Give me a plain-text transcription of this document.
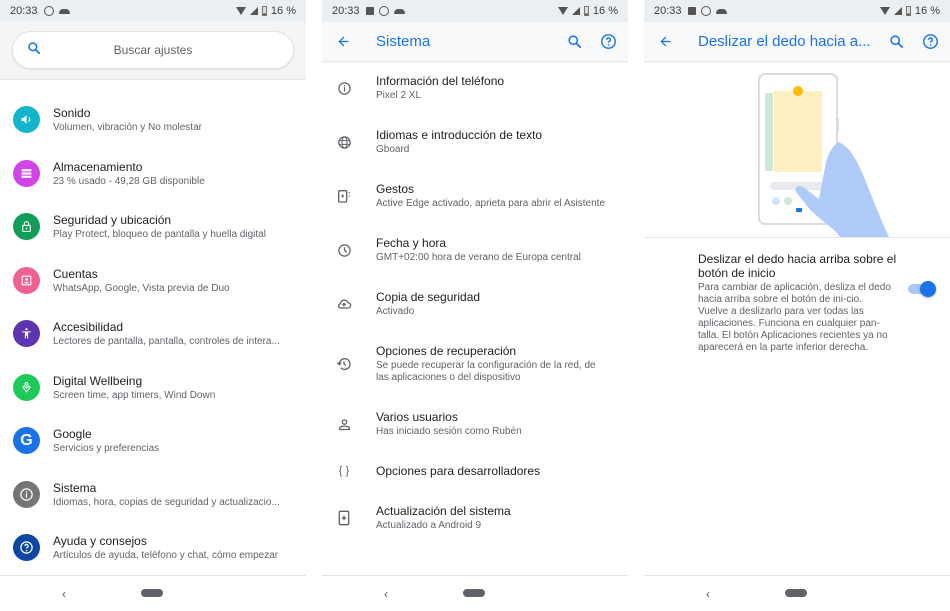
20:33	16 %
Buscar ajustes
Sonido
Volumen, vibración y No molestar
Almacenamiento
23 % usado - 49,28 GB disponible
Seguridad y ubicación
Play Protect, bloqueo de pantalla y huella digital
Cuentas
WhatsApp, Google, Vista previa de Duo
Accesibilidad
Lectores de pantalla, pantalla, controles de intera...
Digital Wellbeing
Screen time, app timers, Wind Down
G Google
Servicios y preferencias
Sistema
Idiomas, hora, copias de seguridad y actualizacio...
Ayuda y consejos
Artículos de ayuda, teléfono y chat, cómo empezar
‹
20:33	16 %
Sistema
Información del teléfono
Pixel 2 XL
Idiomas e introducción de texto
Gboard
Gestos
Active Edge activado, aprieta para abrir el Asistente
Fecha y hora
GMT+02:00 hora de verano de Europa central
Copia de seguridad
Activado
Opciones de recuperación
Se puede recuperar la configuración de la red, de las aplicaciones o del dispositivo
Varios usuarios
Has iniciado sesión como Rubén
{ }	Opciones para desarrolladores
Actualización del sistema
Actualizado a Android 9
‹
20:33	16 %
Deslizar el dedo hacia a...
Deslizar el dedo hacia arriba sobre el botón de inicio
Para cambiar de aplicación, desliza el dedo hacia arriba sobre el botón de ini-cio. Vuelve a deslizarlo para ver todas las aplicaciones. Funciona en cualquier pan-talla. El botón Aplicaciones recientes ya no aparecerá en la parte inferior derecha.
‹
